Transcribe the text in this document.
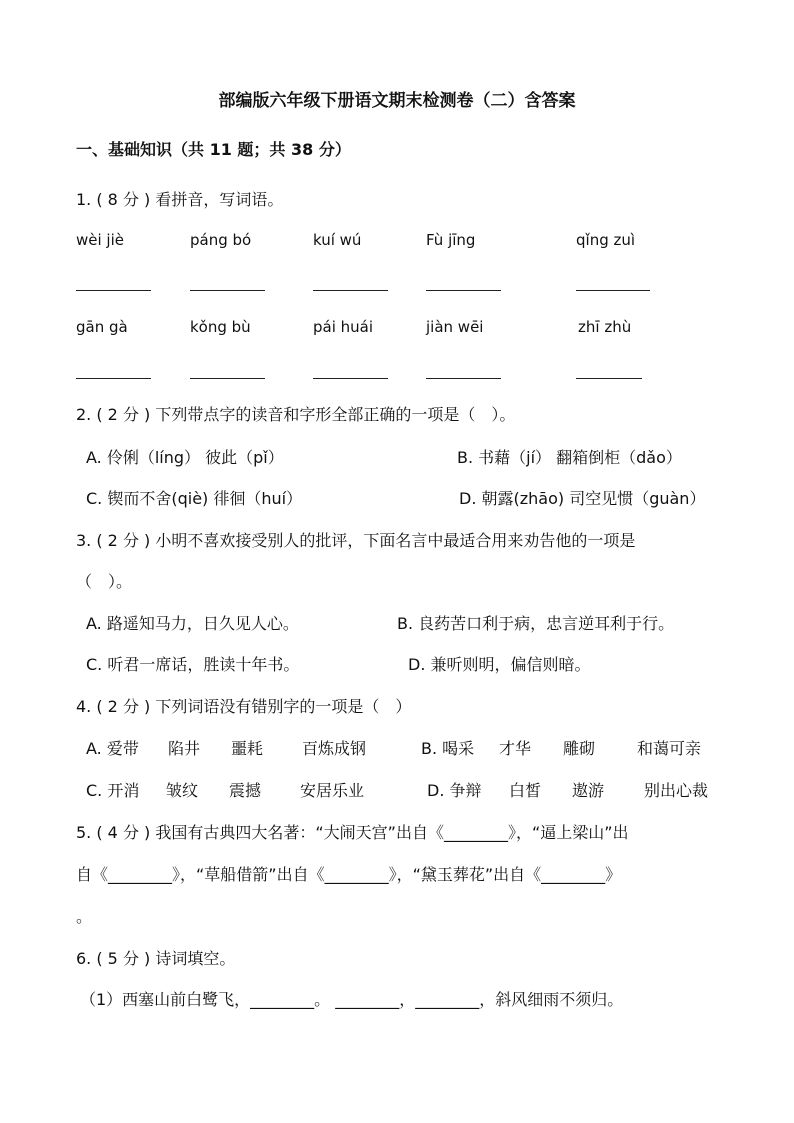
部编版六年级下册语文期末检测卷（二）含答案
一、基础知识（共 11 题；共 38 分）
1. ( 8 分 ) 看拼音，写词语。
wèi jiè	páng bó	kuí wú	Fù jīng	qǐng zuì
gān gà	kǒng bù	pái huái	jiàn wēi	zhī zhù
2. ( 2 分 ) 下列带点字的读音和字形全部正确的一项是（　）。
A. 伶俐（líng） 彼此（pǐ）	B. 书藉（jí） 翻箱倒柜（dǎo）
C. 锲而不舍(qiè) 徘徊（huí）	D. 朝露(zhāo) 司空见惯（guàn）
3. ( 2 分 ) 小明不喜欢接受别人的批评，下面名言中最适合用来劝告他的一项是
（　）。
A. 路遥知马力，日久见人心。	B. 良药苦口利于病，忠言逆耳利于行。
C. 听君一席话，胜读十年书。	D. 兼听则明，偏信则暗。
4. ( 2 分 ) 下列词语没有错别字的一项是（　）
A. 爱带 陷井 噩耗 百炼成钢	B. 喝采 才华 雕砌	和蔼可亲
C. 开消 皱纹 震撼 安居乐业	D. 争辩 白皙 遨游 别出心裁
5. ( 4 分 ) 我国有古典四大名著：“大闹天宫”出自《________》，“逼上梁山”出
自《________》，“草船借箭”出自《________》，“黛玉葬花”出自《________》
。
6. ( 5 分 ) 诗词填空。
（1）西塞山前白鹭飞，________。 ________，________，斜风细雨不须归。
